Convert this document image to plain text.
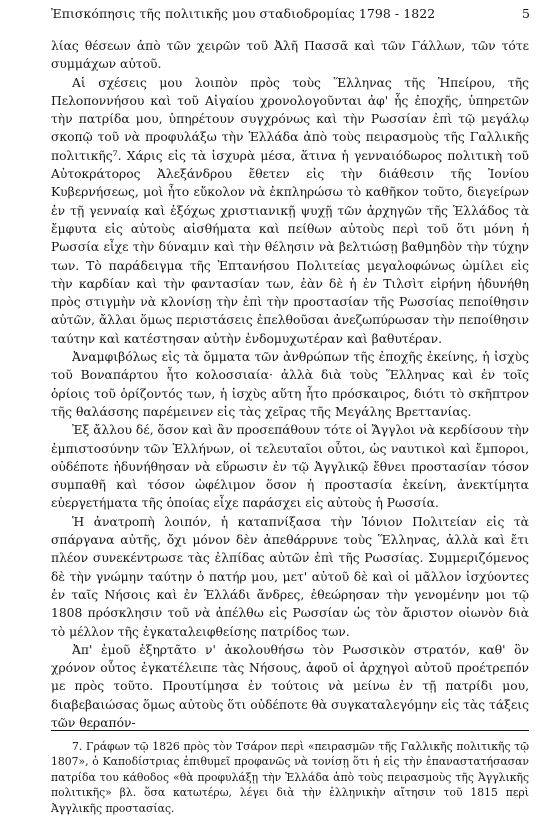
Ἐπισκόπησις τῆς πολιτικῆς μου σταδιοδρομίας 1798 - 1822	5

λίας θέσεων ἀπὸ τῶν χειρῶν τοῦ Ἀλῆ Πασσᾶ καὶ τῶν Γάλλων, τῶν τότε συμμάχων αὐτοῦ.

Αἱ σχέσεις μου λοιπὸν πρὸς τοὺς Ἕλληνας τῆς Ἠπείρου, τῆς Πελοποννήσου καὶ τοῦ Αἰγαίου χρονολογοῦνται ἀφ' ἧς ἐποχῆς, ὑπηρετῶν τὴν πατρίδα μου, ὑπηρέτουν συγχρόνως καὶ τὴν Ρωσσίαν ἐπὶ τῷ μεγάλῳ σκοπῷ τοῦ νὰ προφυλάξω τὴν Ἑλλάδα ἀπὸ τοὺς πειρασμοὺς τῆς Γαλλικῆς πολιτικῆς⁷. Χάρις εἰς τὰ ἰσχυρὰ μέσα, ἅτινα ἡ γενναιόδωρος πολιτικὴ τοῦ Αὐτοκράτορος Ἀλεξάνδρου ἔθετεν εἰς τὴν διάθεσιν τῆς Ἰονίου Κυβερνήσεως, μοὶ ἦτο εὔκολον νὰ ἐκπληρώσω τὸ καθῆκον τοῦτο, διεγείρων ἐν τῇ γενναίᾳ καὶ ἐξόχως χριστιανικῇ ψυχῇ τῶν ἀρχηγῶν τῆς Ἑλλάδος τὰ ἔμφυτα εἰς αὐτοὺς αἰσθήματα καὶ πείθων αὐτοὺς περὶ τοῦ ὅτι μόνη ἡ Ρωσσία εἶχε τὴν δύναμιν καὶ τὴν θέλησιν νὰ βελτιώσῃ βαθμηδὸν τὴν τύχην των. Τὸ παράδειγμα τῆς Ἑπτανήσου Πολιτείας μεγαλοφώνως ὡμίλει εἰς τὴν καρδίαν καὶ τὴν φαντασίαν των, ἐὰν δὲ ἡ ἐν Τιλσὶτ εἰρήνη ἠδυνήθη πρὸς στιγμὴν νὰ κλονίσῃ τὴν ἐπὶ τὴν προστασίαν τῆς Ρωσσίας πεποίθησιν αὐτῶν, ἄλλαι ὅμως περιστάσεις ἐπελθοῦσαι ἀνεζωπύρωσαν τὴν πεποίθησιν ταύτην καὶ κατέστησαν αὐτὴν ἐνδομυχωτέραν καὶ βαθυτέραν.

Ἀναμφιβόλως εἰς τὰ ὄμματα τῶν ἀνθρώπων τῆς ἐποχῆς ἐκείνης, ἡ ἰσχὺς τοῦ Βοναπάρτου ἦτο κολοσσιαία· ἀλλὰ διὰ τοὺς Ἕλληνας καὶ ἐν τοῖς ὁρίοις τοῦ ὁρίζοντός των, ἡ ἰσχὺς αὕτη ἦτο πρόσκαιρος, διότι τὸ σκῆπτρον τῆς θαλάσσης παρέμεινεν εἰς τὰς χεῖρας τῆς Μεγάλης Βρεττανίας.

Ἐξ ἄλλου δέ, ὅσον καὶ ἂν προσεπάθουν τότε οἱ Ἄγγλοι νὰ κερδίσουν τὴν ἐμπιστοσύνην τῶν Ἑλλήνων, οἱ τελευταῖοι οὗτοι, ὡς ναυτικοὶ καὶ ἔμποροι, οὐδέποτε ἠδυνήθησαν νὰ εὕρωσιν ἐν τῷ Ἀγγλικῷ ἔθνει προστασίαν τόσον συμπαθῆ καὶ τόσον ὠφέλιμον ὅσον ἡ προστασία ἐκείνη, ἀνεκτίμητα εὐεργετήματα τῆς ὁποίας εἶχε παράσχει εἰς αὐτοὺς ἡ Ρωσσία.

Ἡ ἀνατροπὴ λοιπόν, ἡ καταπνίξασα τὴν Ἰόνιον Πολιτείαν εἰς τὰ σπάργανα αὐτῆς, ὄχι μόνον δὲν ἀπεθάρρυνε τοὺς Ἕλληνας, ἀλλὰ καὶ ἔτι πλέον συνεκέντρωσε τὰς ἐλπίδας αὐτῶν ἐπὶ τῆς Ρωσσίας. Συμμεριζόμενος δὲ τὴν γνώμην ταύτην ὁ πατήρ μου, μετ' αὐτοῦ δὲ καὶ οἱ μᾶλλον ἰσχύοντες ἐν ταῖς Νήσοις καὶ ἐν Ἑλλάδι ἄνδρες, ἐθεώρησαν τὴν γενομένην μοι τῷ 1808 πρόσκλησιν τοῦ νὰ ἀπέλθω εἰς Ρωσσίαν ὡς τὸν ἄριστον οἰωνὸν διὰ τὸ μέλλον τῆς ἐγκαταλειφθείσης πατρίδος των.

Ἀπ' ἐμοῦ ἐξηρτᾶτο ν' ἀκολουθήσω τὸν Ρωσσικὸν στρατόν, καθ' ὃν χρόνον οὗτος ἐγκατέλειπε τὰς Νήσους, ἀφοῦ οἱ ἀρχηγοὶ αὐτοῦ προέτρεπόν με πρὸς τοῦτο. Προυτίμησα ἐν τούτοις νὰ μείνω ἐν τῇ πατρίδι μου, διαβεβαιώσας ὅμως αὐτοὺς ὅτι οὐδέποτε θὰ συγκαταλεγόμην εἰς τὰς τάξεις τῶν θεραπόν-

7. Γράφων τῷ 1826 πρὸς τὸν Τσάρον περὶ «πειρασμῶν τῆς Γαλλικῆς πολιτικῆς τῷ 1807», ὁ Καποδίστριας ἐπιθυμεῖ προφανῶς νὰ τονίσῃ ὅτι ἡ εἰς τὴν ἐπαναστατήσασαν πατρίδα του κάθοδος «θὰ προφυλάξῃ τὴν Ἑλλάδα ἀπὸ τοὺς πειρασμοὺς τῆς Ἀγγλικῆς πολιτικῆς» βλ. ὅσα κατωτέρω, λέγει διὰ τὴν ἑλληνικὴν αἴτησιν τοῦ 1815 περὶ Ἀγγλικῆς προστασίας.
